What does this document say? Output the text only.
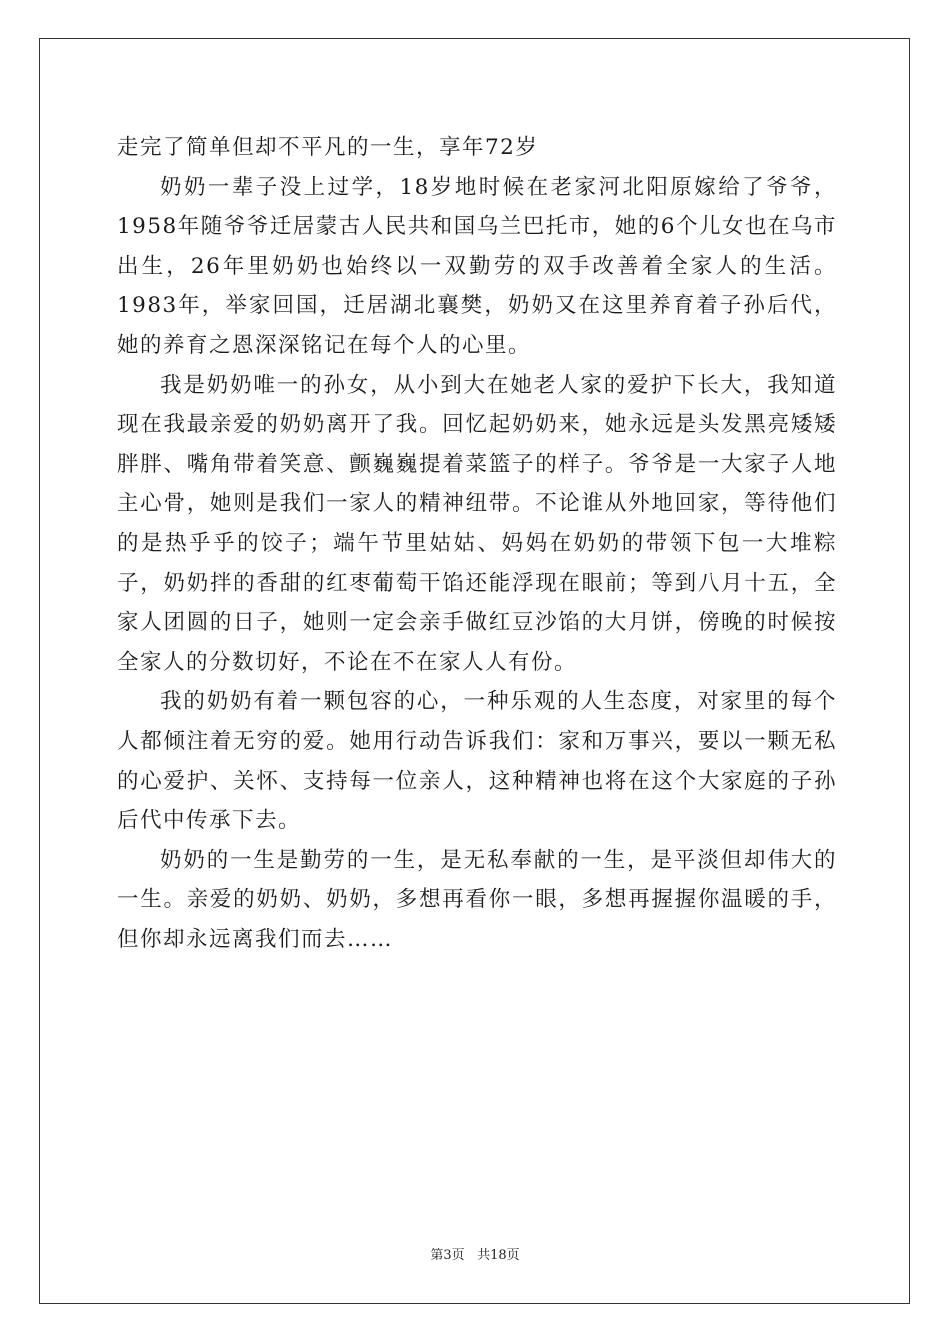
走完了简单但却不平凡的一生，享年72岁

奶奶一辈子没上过学，18岁地时候在老家河北阳原嫁给了爷爷，1958年随爷爷迁居蒙古人民共和国乌兰巴托市，她的6个儿女也在乌市出生，26年里奶奶也始终以一双勤劳的双手改善着全家人的生活。1983年，举家回国，迁居湖北襄樊，奶奶又在这里养育着子孙后代，她的养育之恩深深铭记在每个人的心里。

我是奶奶唯一的孙女，从小到大在她老人家的爱护下长大，我知道现在我最亲爱的奶奶离开了我。回忆起奶奶来，她永远是头发黑亮矮矮胖胖、嘴角带着笑意、颤巍巍提着菜篮子的样子。爷爷是一大家子人地主心骨，她则是我们一家人的精神纽带。不论谁从外地回家，等待他们的是热乎乎的饺子；端午节里姑姑、妈妈在奶奶的带领下包一大堆粽子，奶奶拌的香甜的红枣葡萄干馅还能浮现在眼前；等到八月十五，全家人团圆的日子，她则一定会亲手做红豆沙馅的大月饼，傍晚的时候按全家人的分数切好，不论在不在家人人有份。

我的奶奶有着一颗包容的心，一种乐观的人生态度，对家里的每个人都倾注着无穷的爱。她用行动告诉我们：家和万事兴，要以一颗无私的心爱护、关怀、支持每一位亲人，这种精神也将在这个大家庭的子孙后代中传承下去。

奶奶的一生是勤劳的一生，是无私奉献的一生，是平淡但却伟大的一生。亲爱的奶奶、奶奶，多想再看你一眼，多想再握握你温暖的手，但你却永远离我们而去……

第3页 共18页
